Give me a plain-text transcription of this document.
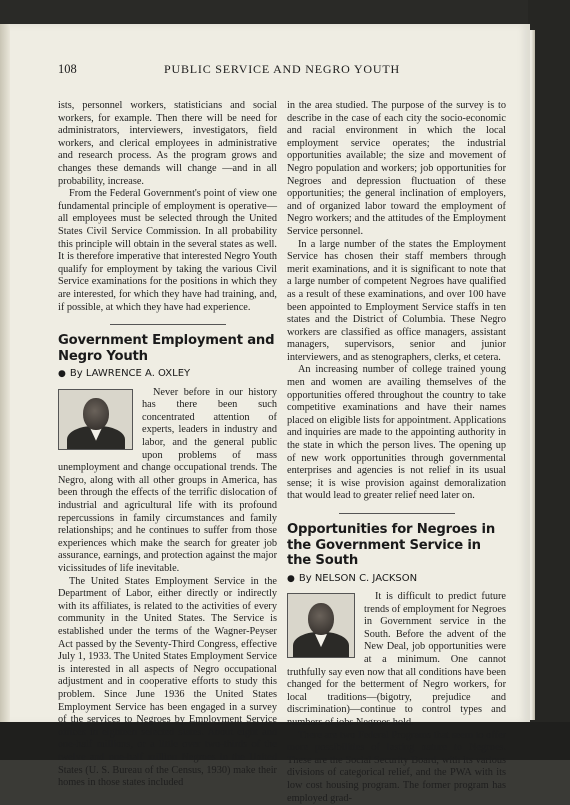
108	PUBLIC SERVICE AND NEGRO YOUTH

ists, personnel workers, statisticians and social workers, for example. Then there will be need for administrators, interviewers, investigators, field workers, and clerical employees in administrative and research process. As the program grows and changes these demands will change —and in all probability, increase.

From the Federal Government's point of view one fundamental principle of employment is operative—all employees must be selected through the United States Civil Service Commission. In all probability this principle will obtain in the several states as well. It is therefore imperative that interested Negro Youth qualify for employment by taking the various Civil Service examinations for the positions in which they are interested, for which they have had training, and, if possible, at which they have had experience.

Government Employment and Negro Youth
● By LAWRENCE A. OXLEY

Never before in our history has there been such concentrated attention of experts, leaders in industry and labor, and the general public upon problems of mass unemployment and change occupational trends. The Negro, along with all other groups in America, has been through the effects of the terrific dislocation of industrial and agricultural life with its profound repercussions in family circumstances and family relationships; and he continues to suffer from those experiences which make the search for greater job assurance, earnings, and protection against the major vicissitudes of life inevitable.

The United States Employment Service in the Department of Labor, either directly or indirectly with its affiliates, is related to the activities of every community in the United States. The Service is established under the terms of the Wagner-Peyser Act passed by the Seventy-Third Congress, effective July 1, 1933. The United States Employment Service is interested in all aspects of Negro occupational adjustment and in cooperative efforts to study this problem. Since June 1936 the United States Employment Service has been engaged in a survey of the services to Negroes by Employment Service offices in eighteen selected states. About eight and one-half millions, or a little over two-thirds of the twelve and one-half million Negroes in the United States (U. S. Bureau of the Census, 1930) make their homes in those states included

in the area studied. The purpose of the survey is to describe in the case of each city the socio-economic and racial environment in which the local employment service operates; the industrial opportunities available; the size and movement of Negro population and workers; job opportunities for Negroes and depression fluctuation of these opportunities; the general inclination of employers, and of organized labor toward the employment of Negro workers; and the attitudes of the Employment Service personnel.

In a large number of the states the Employment Service has chosen their staff members through merit examinations, and it is significant to note that a large number of competent Negroes have qualified as a result of these examinations, and over 100 have been appointed to Employment Service staffs in ten states and the District of Columbia. These Negro workers are classified as office managers, assistant managers, supervisors, senior and junior interviewers, and as stenographers, clerks, et cetera.

An increasing number of college trained young men and women are availing themselves of the opportunities offered throughout the country to take competitive examinations and have their names placed on eligible lists for appointment. Applications and inquiries are made to the appointing authority in the state in which the person lives. The opening up of new work opportunities through governmental enterprises and agencies is not relief in its usual sense; it is wise provision against demoralization that would lead to greater relief need later on.

Opportunities for Negroes in the Government Service in the South
● By NELSON C. JACKSON

It is difficult to predict future trends of employment for Negroes in Government service in the South. Before the advent of the New Deal, job opportunities were at a minimum. One cannot truthfully say even now that all conditions have been changed for the betterment of Negro workers, for local traditions—(bigotry, prejudice and discrimination)—continue to control types and numbers of jobs Negroes hold.

There are two Federal Programs that seem to offer more possibilities of lasting nature to Negroes. These are the Social Security Board, with its various divisions of categorical relief, and the PWA with its low cost housing program. The former program has employed grad-
